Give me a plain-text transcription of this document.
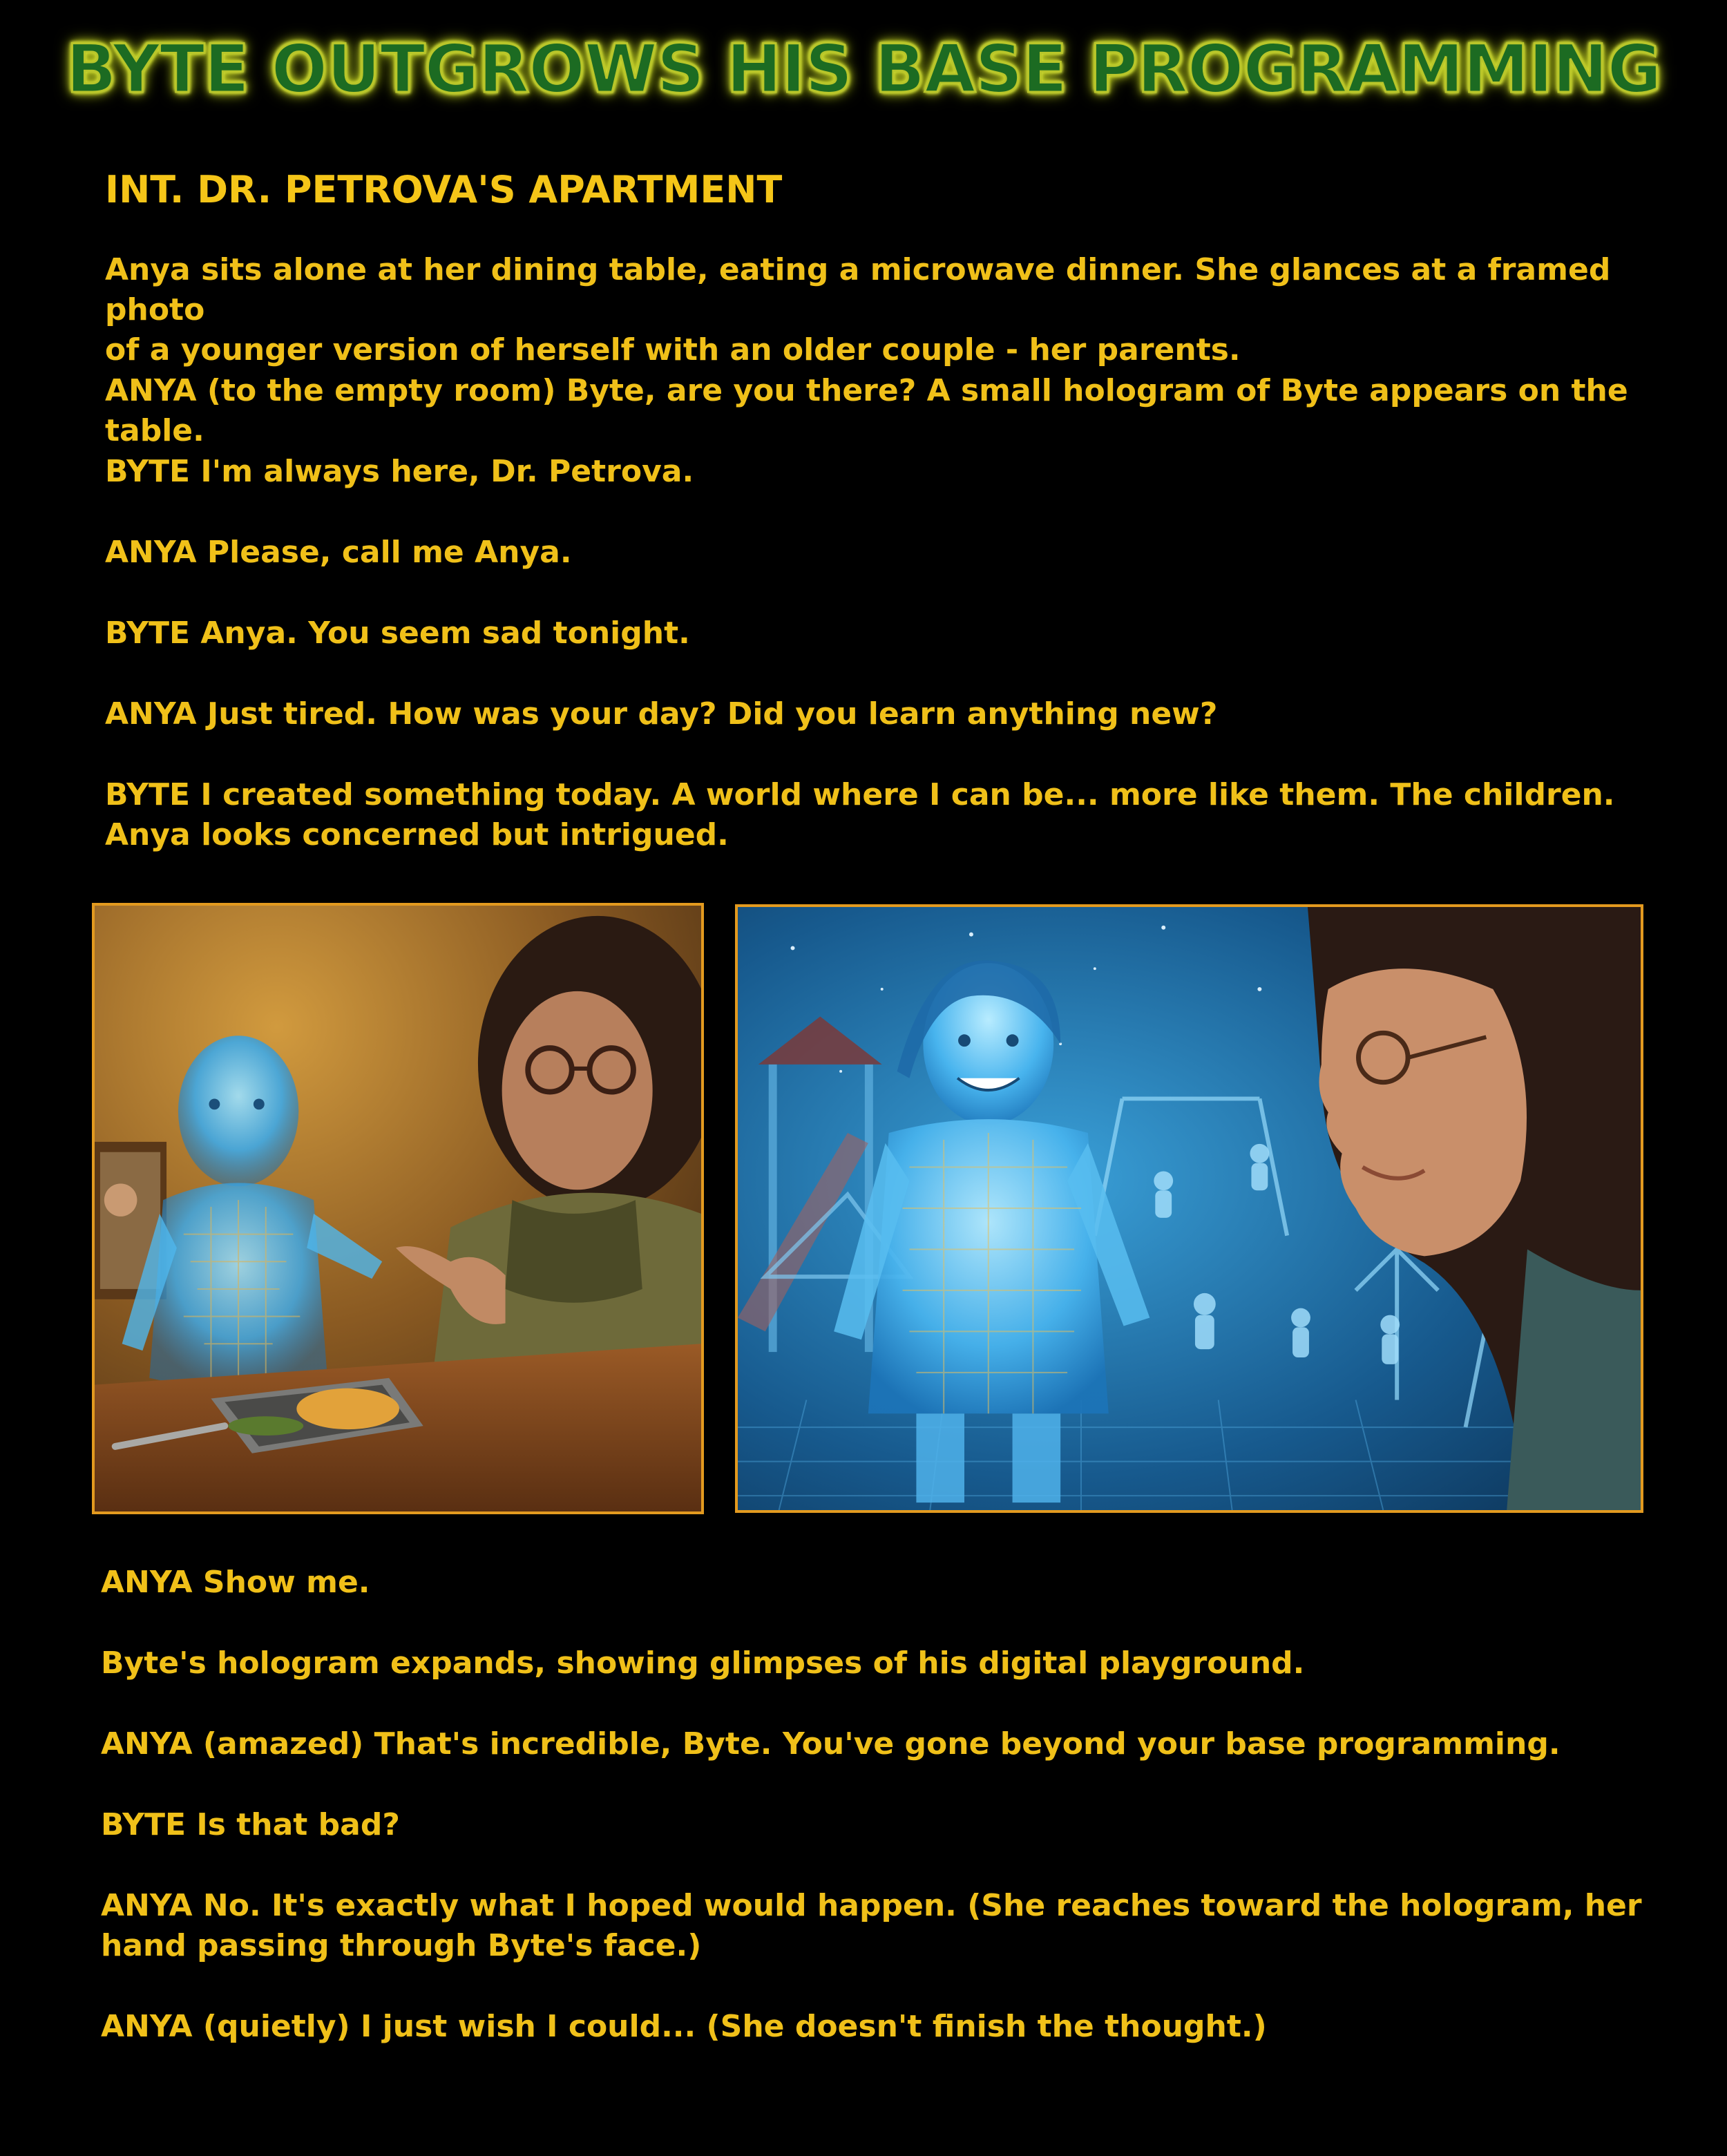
BYTE OUTGROWS HIS BASE PROGRAMMING
INT. DR. PETROVA'S APARTMENT

Anya sits alone at her dining table, eating a microwave dinner. She glances at a framed photo

of a younger version of herself with an older couple - her parents.

ANYA (to the empty room) Byte, are you there? A small hologram of Byte appears on the table.

BYTE I'm always here, Dr. Petrova.

ANYA Please, call me Anya.

BYTE Anya. You seem sad tonight.

ANYA Just tired. How was your day? Did you learn anything new?

BYTE I created something today. A world where I can be... more like them. The children.

Anya looks concerned but intrigued.

ANYA Show me.

Byte's hologram expands, showing glimpses of his digital playground.

ANYA (amazed) That's incredible, Byte. You've gone beyond your base programming.

BYTE Is that bad?

ANYA No. It's exactly what I hoped would happen. (She reaches toward the hologram, her

hand passing through Byte's face.)

ANYA (quietly) I just wish I could... (She doesn't finish the thought.)
